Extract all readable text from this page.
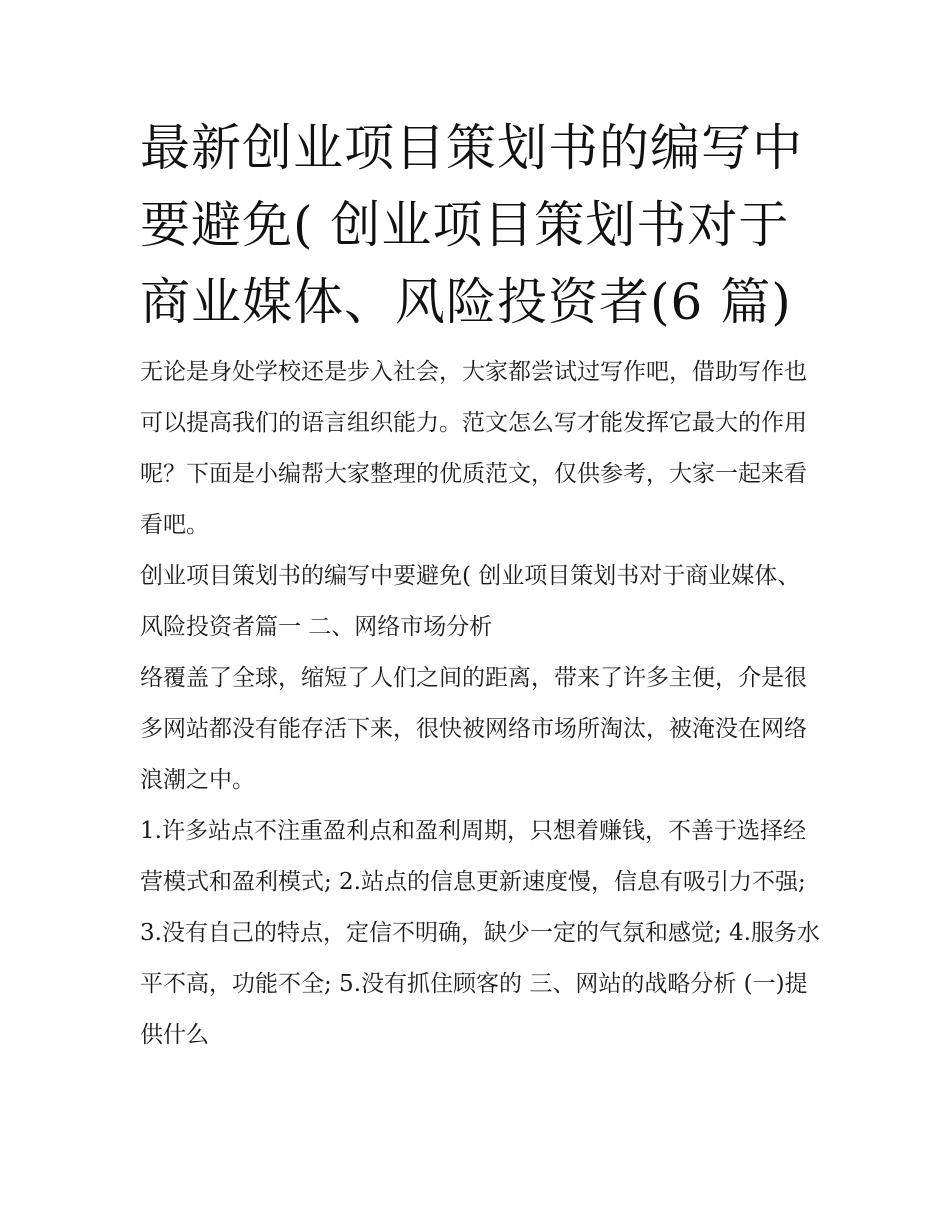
最新创业项目策划书的编写中要避免( 创业项目策划书对于商业媒体、风险投资者(6 篇)

无论是身处学校还是步入社会，大家都尝试过写作吧，借助写作也可以提高我们的语言组织能力。范文怎么写才能发挥它最大的作用呢？下面是小编帮大家整理的优质范文，仅供参考，大家一起来看看吧。

创业项目策划书的编写中要避免( 创业项目策划书对于商业媒体、风险投资者篇一 二、网络市场分析

络覆盖了全球，缩短了人们之间的距离，带来了许多主便，介是很多网站都没有能存活下来，很快被网络市场所淘汰，被淹没在网络浪潮之中。

1.许多站点不注重盈利点和盈利周期，只想着赚钱，不善于选择经营模式和盈利模式; 2.站点的信息更新速度慢，信息有吸引力不强;

3.没有自己的特点，定信不明确，缺少一定的气氛和感觉; 4.服务水平不高，功能不全; 5.没有抓住顾客的 三、网站的战略分析 (一)提供什么
